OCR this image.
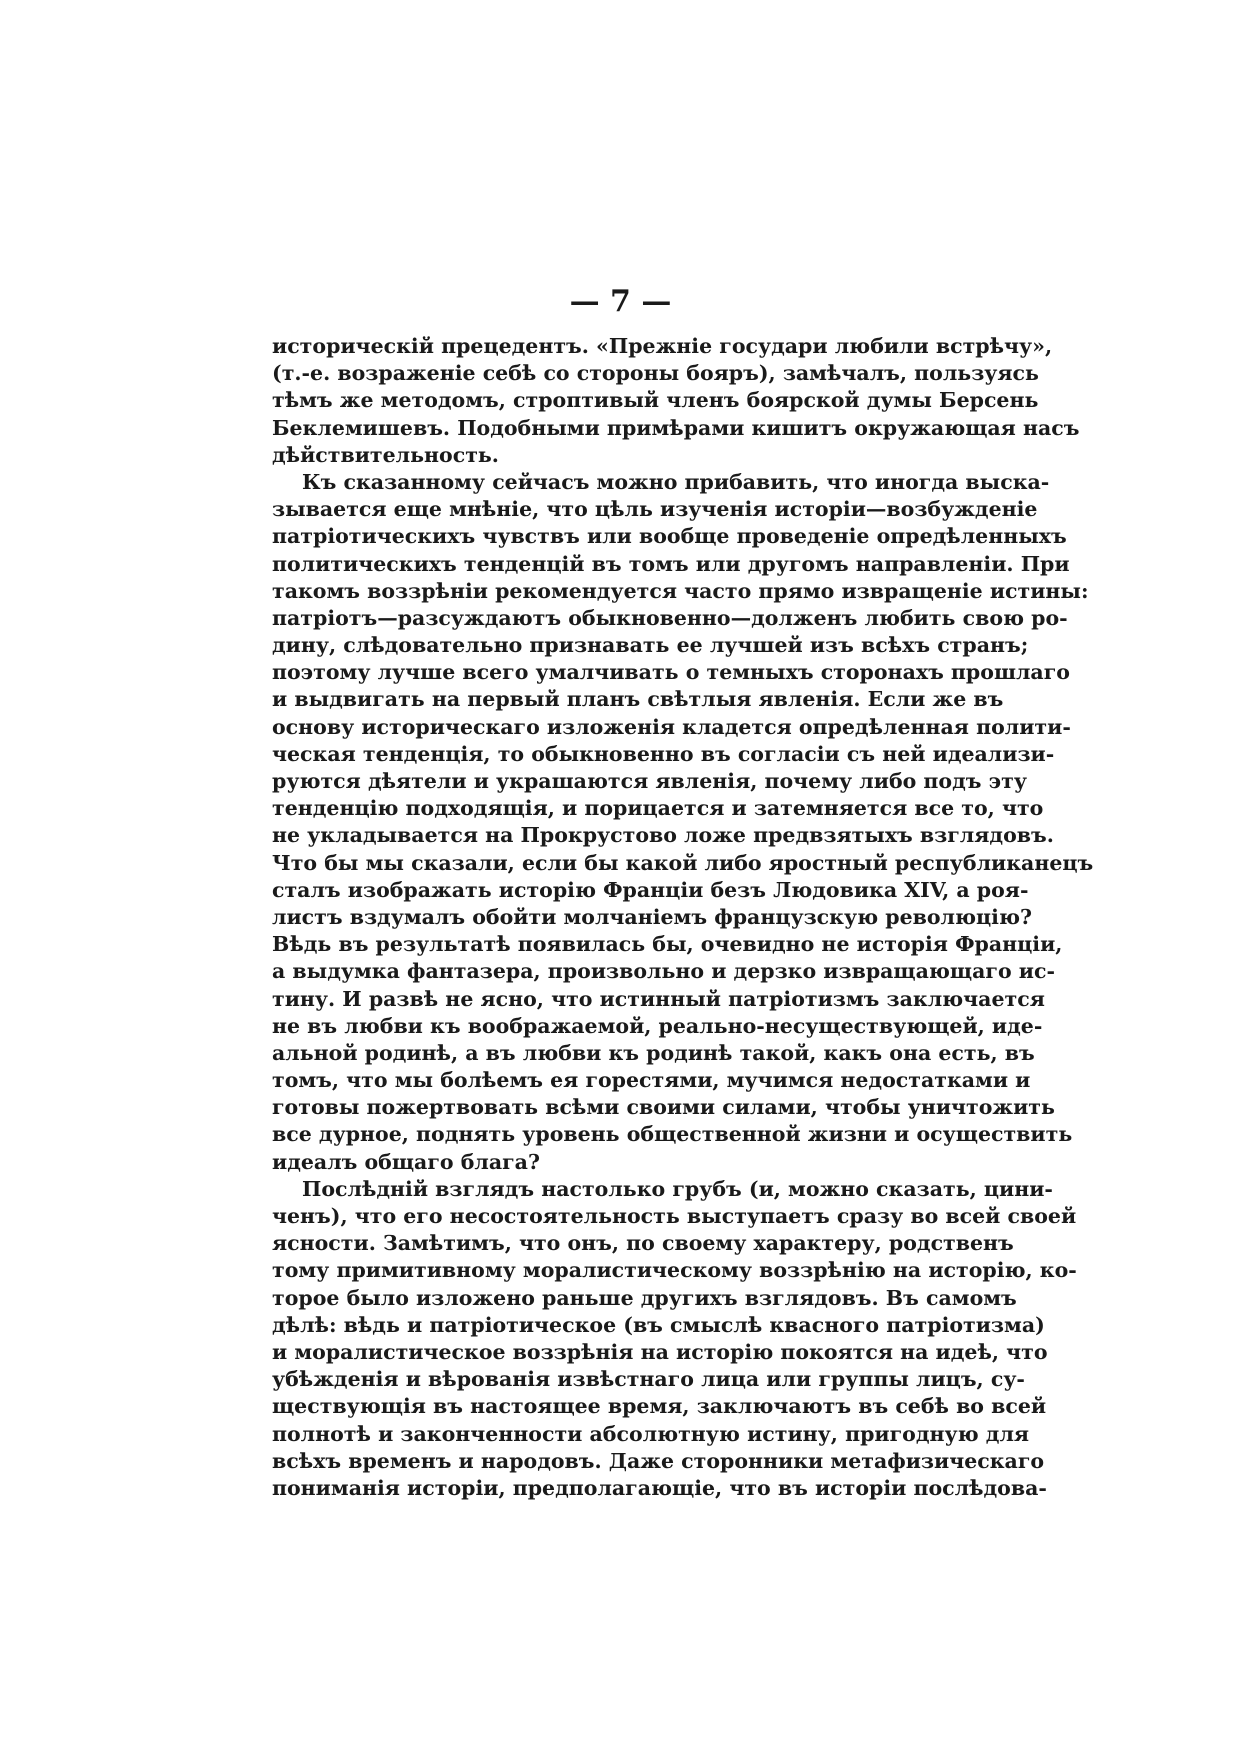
— 7 —
историческій прецедентъ. «Прежніе государи любили встрѣчу»,
(т.-е. возраженіе себѣ со стороны бояръ), замѣчалъ, пользуясь
тѣмъ же методомъ, строптивый членъ боярской думы Берсень
Беклемишевъ. Подобными примѣрами кишитъ окружающая насъ
дѣйствительность.
Къ сказанному сейчасъ можно прибавить, что иногда выска-
зывается еще мнѣніе, что цѣль изученія исторіи—возбужденіе
патріотическихъ чувствъ или вообще проведеніе опредѣленныхъ
политическихъ тенденцій въ томъ или другомъ направленіи. При
такомъ воззрѣніи рекомендуется часто прямо извращеніе истины:
патріотъ—разсуждаютъ обыкновенно—долженъ любить свою ро-
дину, слѣдовательно признавать ее лучшей изъ всѣхъ странъ;
поэтому лучше всего умалчивать о темныхъ сторонахъ прошлаго
и выдвигать на первый планъ свѣтлыя явленія. Если же въ
основу историческаго изложенія кладется опредѣленная полити-
ческая тенденція, то обыкновенно въ согласіи съ ней идеализи-
руются дѣятели и украшаются явленія, почему либо подъ эту
тенденцію подходящія, и порицается и затемняется все то, что
не укладывается на Прокрустово ложе предвзятыхъ взглядовъ.
Что бы мы сказали, если бы какой либо яростный республиканецъ
сталъ изображать исторію Франціи безъ Людовика XIV, а роя-
листъ вздумалъ обойти молчаніемъ французскую революцію?
Вѣдь въ результатѣ появилась бы, очевидно не исторія Франціи,
а выдумка фантазера, произвольно и дерзко извращающаго ис-
тину. И развѣ не ясно, что истинный патріотизмъ заключается
не въ любви къ воображаемой, реально-несуществующей, иде-
альной родинѣ, а въ любви къ родинѣ такой, какъ она есть, въ
томъ, что мы болѣемъ ея горестями, мучимся недостатками и
готовы пожертвовать всѣми своими силами, чтобы уничтожить
все дурное, поднять уровень общественной жизни и осуществить
идеалъ общаго блага?
Послѣдній взглядъ настолько грубъ (и, можно сказать, цини-
ченъ), что его несостоятельность выступаетъ сразу во всей своей
ясности. Замѣтимъ, что онъ, по своему характеру, родственъ
тому примитивному моралистическому воззрѣнію на исторію, ко-
торое было изложено раньше другихъ взглядовъ. Въ самомъ
дѣлѣ: вѣдь и патріотическое (въ смыслѣ квасного патріотизма)
и моралистическое воззрѣнія на исторію покоятся на идеѣ, что
убѣжденія и вѣрованія извѣстнаго лица или группы лицъ, су-
ществующія въ настоящее время, заключаютъ въ себѣ во всей
полнотѣ и законченности абсолютную истину, пригодную для
всѣхъ временъ и народовъ. Даже сторонники метафизическаго
пониманія исторіи, предполагающіе, что въ исторіи послѣдова-
